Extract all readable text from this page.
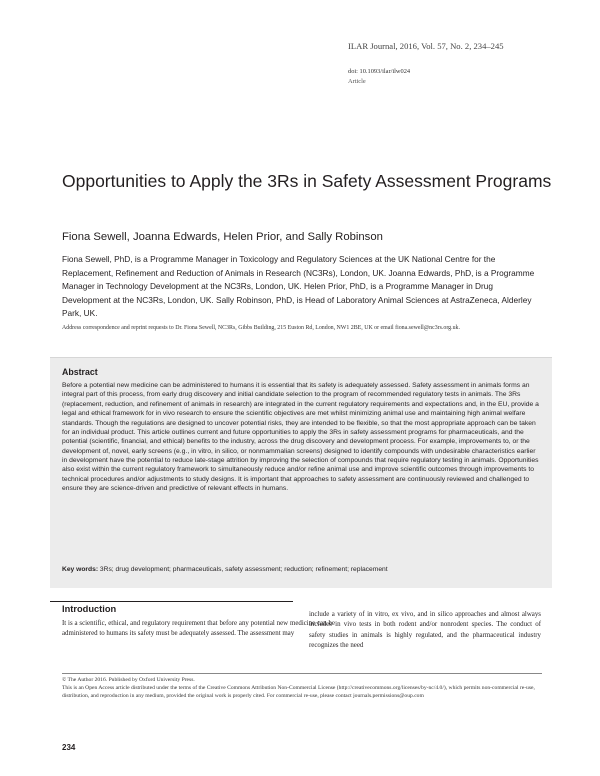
ILAR Journal, 2016, Vol. 57, No. 2, 234–245
doi: 10.1093/ilar/ilw024
Article
Opportunities to Apply the 3Rs in Safety Assessment Programs
Fiona Sewell, Joanna Edwards, Helen Prior, and Sally Robinson
Fiona Sewell, PhD, is a Programme Manager in Toxicology and Regulatory Sciences at the UK National Centre for the Replacement, Refinement and Reduction of Animals in Research (NC3Rs), London, UK. Joanna Edwards, PhD, is a Programme Manager in Technology Development at the NC3Rs, London, UK. Helen Prior, PhD, is a Programme Manager in Drug Development at the NC3Rs, London, UK. Sally Robinson, PhD, is Head of Laboratory Animal Sciences at AstraZeneca, Alderley Park, UK.
Address correspondence and reprint requests to Dr. Fiona Sewell, NC3Rs, Gibbs Building, 215 Euston Rd, London, NW1 2BE, UK or email fiona.sewell@nc3rs.org.uk.
Abstract

Before a potential new medicine can be administered to humans it is essential that its safety is adequately assessed. Safety assessment in animals forms an integral part of this process, from early drug discovery and initial candidate selection to the program of recommended regulatory tests in animals. The 3Rs (replacement, reduction, and refinement of animals in research) are integrated in the current regulatory requirements and expectations and, in the EU, provide a legal and ethical framework for in vivo research to ensure the scientific objectives are met whilst minimizing animal use and maintaining high animal welfare standards. Though the regulations are designed to uncover potential risks, they are intended to be flexible, so that the most appropriate approach can be taken for an individual product. This article outlines current and future opportunities to apply the 3Rs in safety assessment programs for pharmaceuticals, and the potential (scientific, financial, and ethical) benefits to the industry, across the drug discovery and development process. For example, improvements to, or the development of, novel, early screens (e.g., in vitro, in silico, or nonmammalian screens) designed to identify compounds with undesirable characteristics earlier in development have the potential to reduce late-stage attrition by improving the selection of compounds that require regulatory testing in animals. Opportunities also exist within the current regulatory framework to simultaneously reduce and/or refine animal use and improve scientific outcomes through improvements to technical procedures and/or adjustments to study designs. It is important that approaches to safety assessment are continuously reviewed and challenged to ensure they are science-driven and predictive of relevant effects in humans.

Key words: 3Rs; drug development; pharmaceuticals, safety assessment; reduction; refinement; replacement
Introduction

It is a scientific, ethical, and regulatory requirement that before any potential new medicine can be administered to humans its safety must be adequately assessed. The assessment may

include a variety of in vitro, ex vivo, and in silico approaches and almost always includes in vivo tests in both rodent and/or nonrodent species. The conduct of safety studies in animals is highly regulated, and the pharmaceutical industry recognizes the need

© The Author 2016. Published by Oxford University Press.

This is an Open Access article distributed under the terms of the Creative Commons Attribution Non-Commercial License (http://creativecommons.org/licenses/by-nc/4.0/), which permits non-commercial re-use, distribution, and reproduction in any medium, provided the original work is properly cited. For commercial re-use, please contact journals.permissions@oup.com

234
